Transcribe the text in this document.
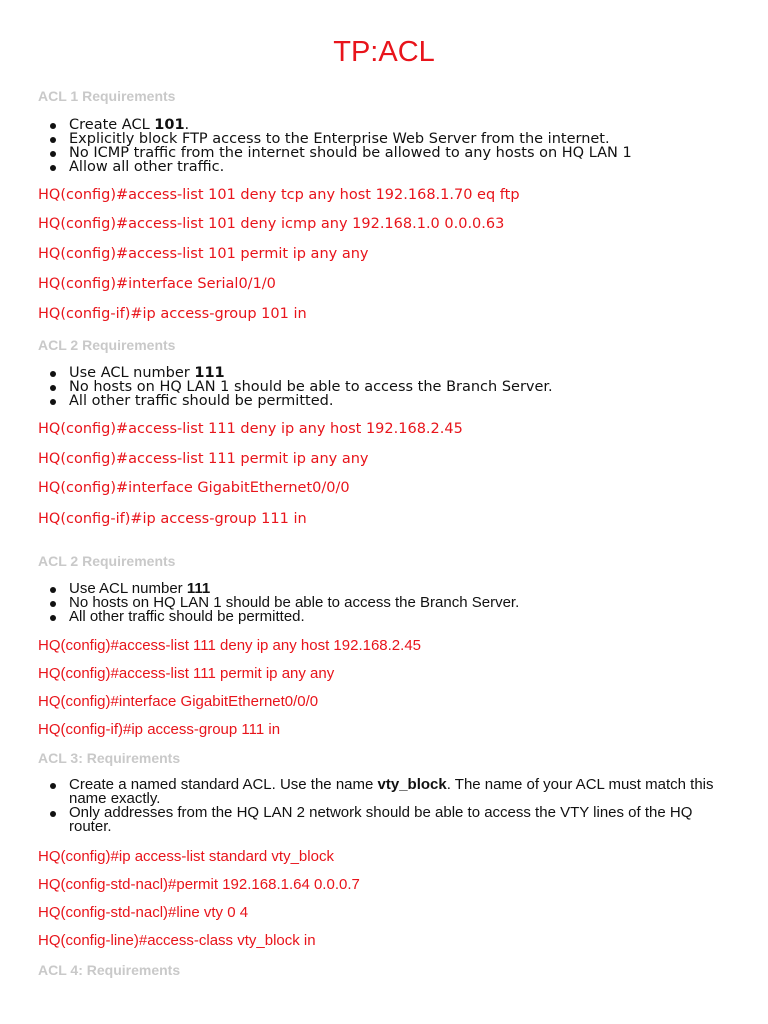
TP:ACL

ACL 1 Requirements

Create ACL 101.
Explicitly block FTP access to the Enterprise Web Server from the internet.
No ICMP traffic from the internet should be allowed to any hosts on HQ LAN 1
Allow all other traffic.

HQ(config)#access-list 101 deny tcp any host 192.168.1.70 eq ftp

HQ(config)#access-list 101 deny icmp any 192.168.1.0 0.0.0.63

HQ(config)#access-list 101 permit ip any any

HQ(config)#interface Serial0/1/0

HQ(config-if)#ip access-group 101 in

ACL 2 Requirements

Use ACL number 111
No hosts on HQ LAN 1 should be able to access the Branch Server.
All other traffic should be permitted.

HQ(config)#access-list 111 deny ip any host 192.168.2.45

HQ(config)#access-list 111 permit ip any any

HQ(config)#interface GigabitEthernet0/0/0

HQ(config-if)#ip access-group 111 in

ACL 2 Requirements

Use ACL number 111
No hosts on HQ LAN 1 should be able to access the Branch Server.
All other traffic should be permitted.

HQ(config)#access-list 111 deny ip any host 192.168.2.45

HQ(config)#access-list 111 permit ip any any

HQ(config)#interface GigabitEthernet0/0/0

HQ(config-if)#ip access-group 111 in

ACL 3: Requirements

Create a named standard ACL. Use the name vty_block. The name of your ACL must match this name exactly.
Only addresses from the HQ LAN 2 network should be able to access the VTY lines of the HQ router.

HQ(config)#ip access-list standard vty_block

HQ(config-std-nacl)#permit 192.168.1.64 0.0.0.7

HQ(config-std-nacl)#line vty 0 4

HQ(config-line)#access-class vty_block in

ACL 4: Requirements
